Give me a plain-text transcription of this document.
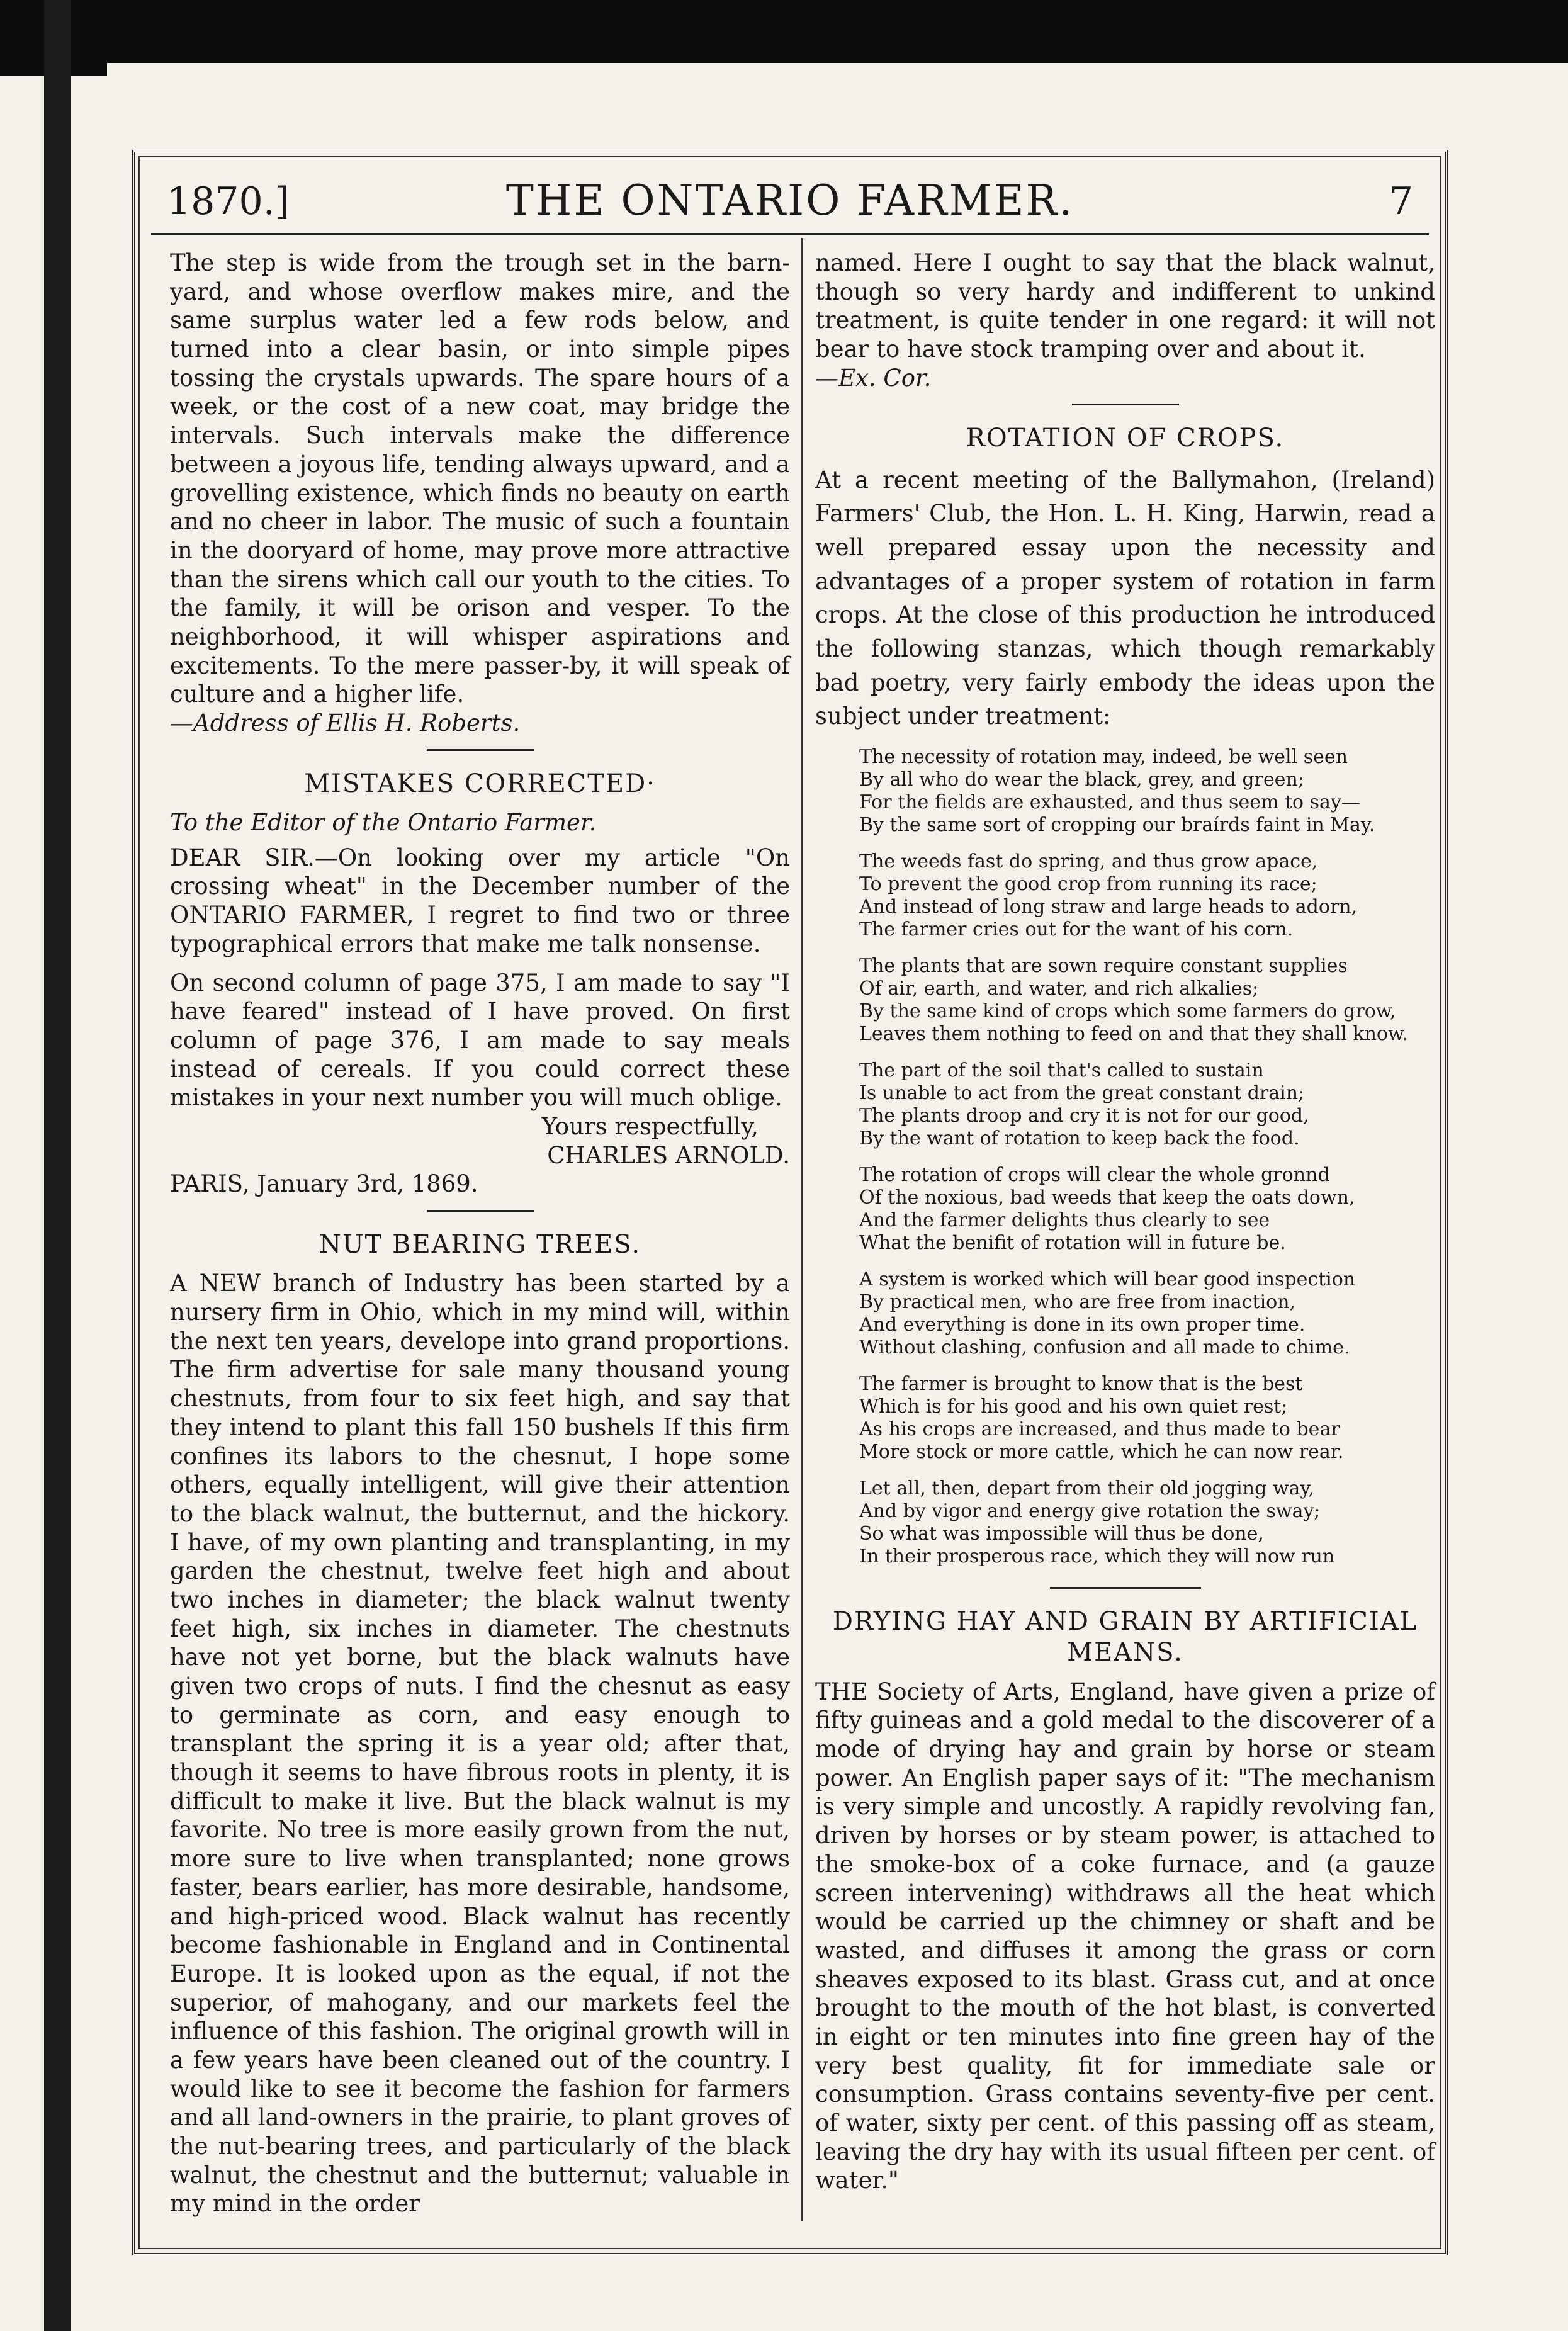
1870.]	THE ONTARIO FARMER.	7

The step is wide from the trough set in the barn-yard, and whose overflow makes mire, and the same surplus water led a few rods below, and turned into a clear basin, or into simple pipes tossing the crystals upwards. The spare hours of a week, or the cost of a new coat, may bridge the intervals. Such intervals make the difference between a joyous life, tending always upward, and a grovelling existence, which finds no beauty on earth and no cheer in labor. The music of such a fountain in the dooryard of home, may prove more attractive than the sirens which call our youth to the cities. To the family, it will be orison and vesper. To the neighborhood, it will whisper aspirations and excitements. To the mere passer-by, it will speak of culture and a higher life.

—Address of Ellis H. Roberts.

MISTAKES CORRECTED·

To the Editor of the Ontario Farmer.

DEAR SIR.—On looking over my article "On crossing wheat" in the December number of the ONTARIO FARMER, I regret to find two or three typographical errors that make me talk nonsense.

On second column of page 375, I am made to say "I have feared" instead of I have proved. On first column of page 376, I am made to say meals instead of cereals. If you could correct these mistakes in your next number you will much oblige.

Yours respectfully,

CHARLES ARNOLD.

PARIS, January 3rd, 1869.

NUT BEARING TREES.

A NEW branch of Industry has been started by a nursery firm in Ohio, which in my mind will, within the next ten years, develope into grand proportions. The firm advertise for sale many thousand young chestnuts, from four to six feet high, and say that they intend to plant this fall 150 bushels If this firm confines its labors to the chesnut, I hope some others, equally intelligent, will give their attention to the black walnut, the butternut, and the hickory. I have, of my own planting and transplanting, in my garden the chestnut, twelve feet high and about two inches in diameter; the black walnut twenty feet high, six inches in diameter. The chestnuts have not yet borne, but the black walnuts have given two crops of nuts. I find the chesnut as easy to germinate as corn, and easy enough to transplant the spring it is a year old; after that, though it seems to have fibrous roots in plenty, it is difficult to make it live. But the black walnut is my favorite. No tree is more easily grown from the nut, more sure to live when transplanted; none grows faster, bears earlier, has more desirable, handsome, and high-priced wood. Black walnut has recently become fashionable in England and in Continental Europe. It is looked upon as the equal, if not the superior, of mahogany, and our markets feel the influence of this fashion. The original growth will in a few years have been cleaned out of the country. I would like to see it become the fashion for farmers and all land-owners in the prairie, to plant groves of the nut-bearing trees, and particularly of the black walnut, the chestnut and the butternut; valuable in my mind in the order

named. Here I ought to say that the black walnut, though so very hardy and indifferent to unkind treatment, is quite tender in one regard: it will not bear to have stock tramping over and about it.

—Ex. Cor.

ROTATION OF CROPS.

At a recent meeting of the Ballymahon, (Ireland) Farmers' Club, the Hon. L. H. King, Harwin, read a well prepared essay upon the necessity and advantages of a proper system of rotation in farm crops. At the close of this production he introduced the following stanzas, which though remarkably bad poetry, very fairly embody the ideas upon the subject under treatment:

The necessity of rotation may, indeed, be well seen
By all who do wear the black, grey, and green;
For the fields are exhausted, and thus seem to say—
By the same sort of cropping our braírds faint in May.
The weeds fast do spring, and thus grow apace,
To prevent the good crop from running its race;
And instead of long straw and large heads to adorn,
The farmer cries out for the want of his corn.
The plants that are sown require constant supplies
Of air, earth, and water, and rich alkalies;
By the same kind of crops which some farmers do grow,
Leaves them nothing to feed on and that they shall know.
The part of the soil that's called to sustain
Is unable to act from the great constant drain;
The plants droop and cry it is not for our good,
By the want of rotation to keep back the food.
The rotation of crops will clear the whole gronnd
Of the noxious, bad weeds that keep the oats down,
And the farmer delights thus clearly to see
What the benifit of rotation will in future be.
A system is worked which will bear good inspection
By practical men, who are free from inaction,
And everything is done in its own proper time.
Without clashing, confusion and all made to chime.
The farmer is brought to know that is the best
Which is for his good and his own quiet rest;
As his crops are increased, and thus made to bear
More stock or more cattle, which he can now rear.
Let all, then, depart from their old jogging way,
And by vigor and energy give rotation the sway;
So what was impossible will thus be done,
In their prosperous race, which they will now run

DRYING HAY AND GRAIN BY ARTIFICIAL MEANS.

THE Society of Arts, England, have given a prize of fifty guineas and a gold medal to the discoverer of a mode of drying hay and grain by horse or steam power. An English paper says of it: "The mechanism is very simple and uncostly. A rapidly revolving fan, driven by horses or by steam power, is attached to the smoke-box of a coke furnace, and (a gauze screen intervening) withdraws all the heat which would be carried up the chimney or shaft and be wasted, and diffuses it among the grass or corn sheaves exposed to its blast. Grass cut, and at once brought to the mouth of the hot blast, is converted in eight or ten minutes into fine green hay of the very best quality, fit for immediate sale or consumption. Grass contains seventy-five per cent. of water, sixty per cent. of this passing off as steam, leaving the dry hay with its usual fifteen per cent. of water."
